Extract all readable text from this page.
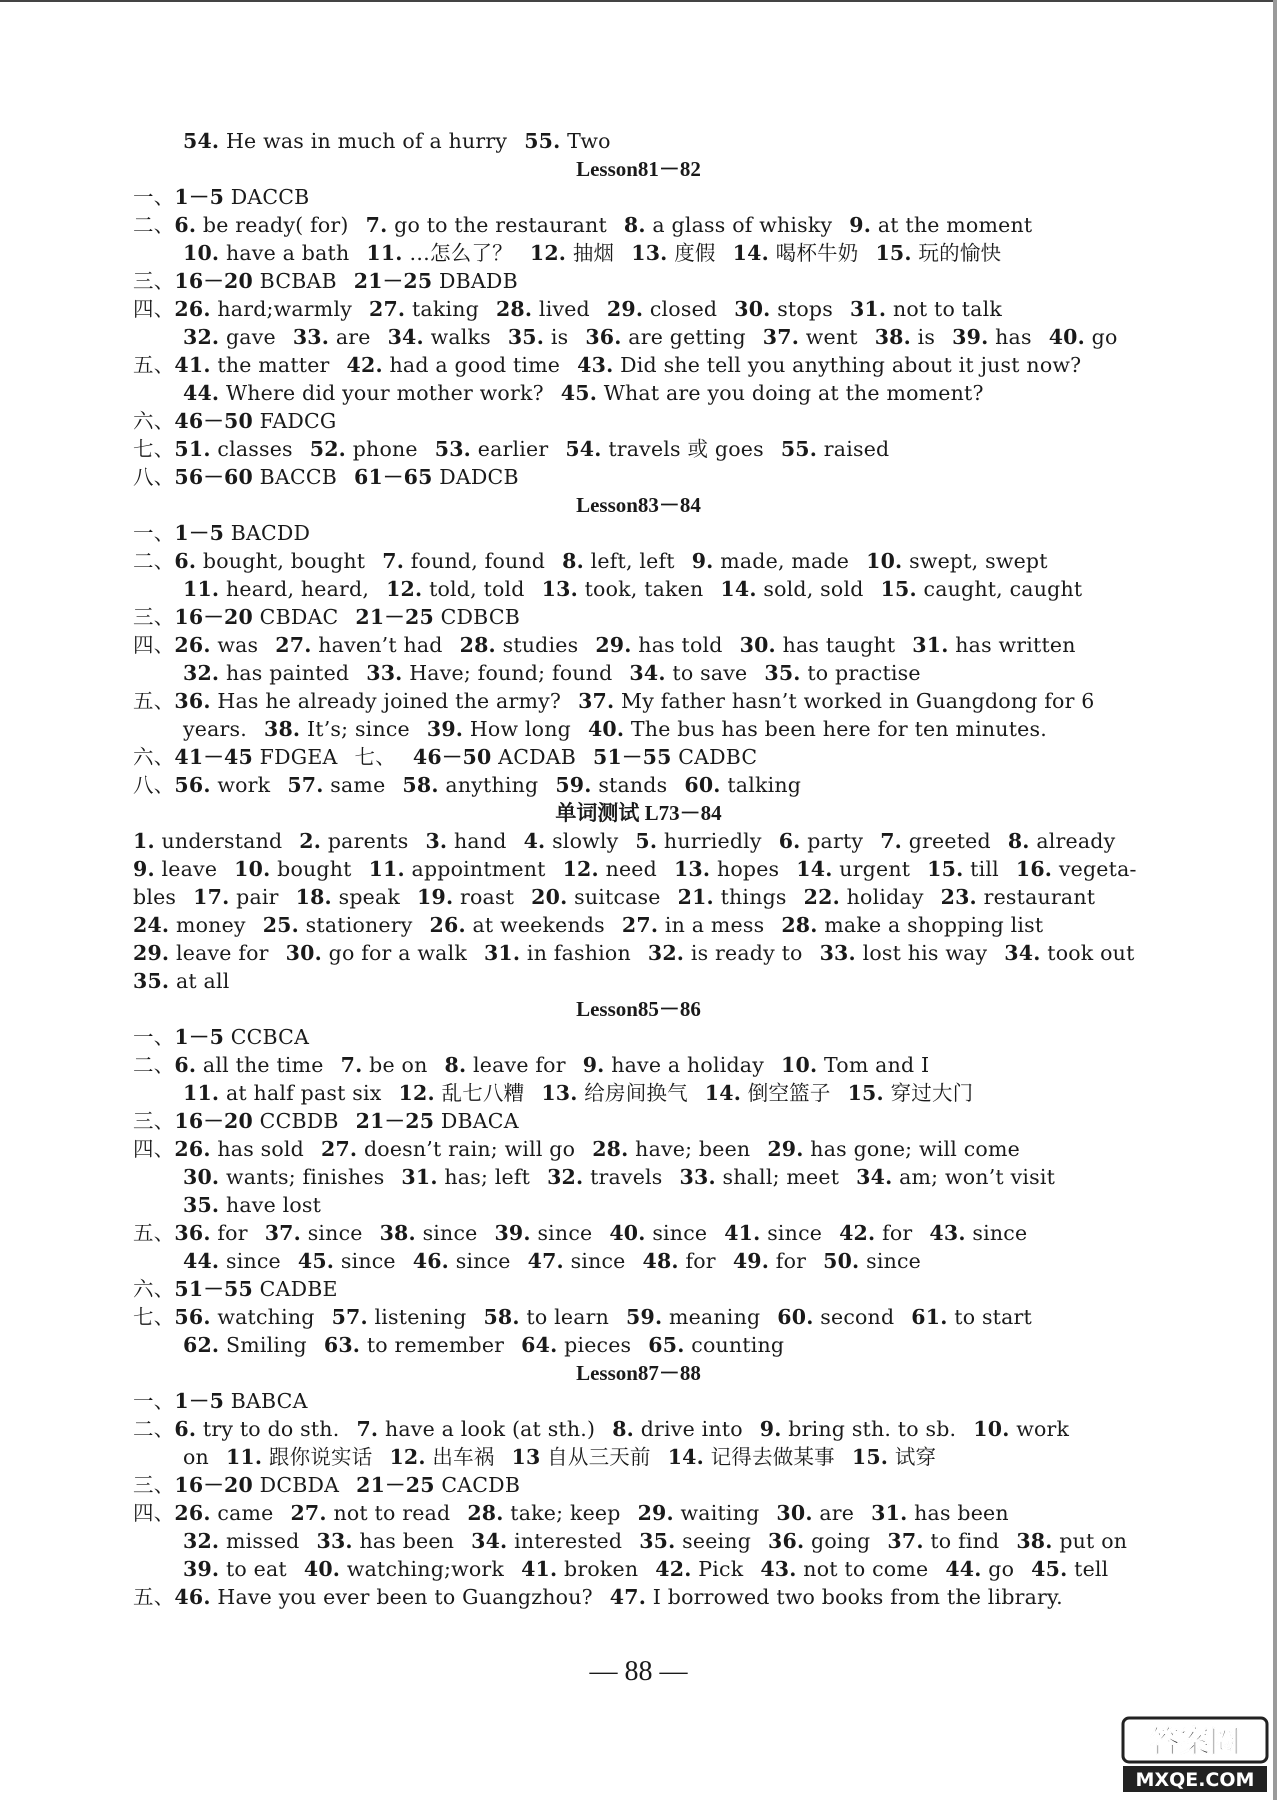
54. He was in much of a hurry 55. Two
Lesson81－82
一、1－5 DACCB
二、6. be ready( for) 7. go to the restaurant 8. a glass of whisky 9. at the moment
10. have a bath 11. …怎么了？ 12. 抽烟 13. 度假 14. 喝杯牛奶 15. 玩的愉快
三、16－20 BCBAB 21－25 DBADB
四、26. hard;warmly 27. taking 28. lived 29. closed 30. stops 31. not to talk
32. gave 33. are 34. walks 35. is 36. are getting 37. went 38. is 39. has 40. go
五、41. the matter 42. had a good time 43. Did she tell you anything about it just now?
44. Where did your mother work? 45. What are you doing at the moment?
六、46－50 FADCG
七、51. classes 52. phone 53. earlier 54. travels 或 goes 55. raised
八、56－60 BACCB 61－65 DADCB
Lesson83－84
一、1－5 BACDD
二、6. bought, bought 7. found, found 8. left, left 9. made, made 10. swept, swept
11. heard, heard, 12. told, told 13. took, taken 14. sold, sold 15. caught, caught
三、16－20 CBDAC 21－25 CDBCB
四、26. was 27. haven’t had 28. studies 29. has told 30. has taught 31. has written
32. has painted 33. Have; found; found 34. to save 35. to practise
五、36. Has he already joined the army? 37. My father hasn’t worked in Guangdong for 6
years. 38. It’s; since 39. How long 40. The bus has been here for ten minutes.
六、41－45 FDGEA 七、 46－50 ACDAB 51－55 CADBC
八、56. work 57. same 58. anything 59. stands 60. talking
单词测试 L73－84
1. understand 2. parents 3. hand 4. slowly 5. hurriedly 6. party 7. greeted 8. already
9. leave 10. bought 11. appointment 12. need 13. hopes 14. urgent 15. till 16. vegeta-
bles 17. pair 18. speak 19. roast 20. suitcase 21. things 22. holiday 23. restaurant
24. money 25. stationery 26. at weekends 27. in a mess 28. make a shopping list
29. leave for 30. go for a walk 31. in fashion 32. is ready to 33. lost his way 34. took out
35. at all
Lesson85－86
一、1－5 CCBCA
二、6. all the time 7. be on 8. leave for 9. have a holiday 10. Tom and I
11. at half past six 12. 乱七八糟 13. 给房间换气 14. 倒空篮子 15. 穿过大门
三、16－20 CCBDB 21－25 DBACA
四、26. has sold 27. doesn’t rain; will go 28. have; been 29. has gone; will come
30. wants; finishes 31. has; left 32. travels 33. shall; meet 34. am; won’t visit
35. have lost
五、36. for 37. since 38. since 39. since 40. since 41. since 42. for 43. since
44. since 45. since 46. since 47. since 48. for 49. for 50. since
六、51－55 CADBE
七、56. watching 57. listening 58. to learn 59. meaning 60. second 61. to start
62. Smiling 63. to remember 64. pieces 65. counting
Lesson87－88
一、1－5 BABCA
二、6. try to do sth. 7. have a look (at sth.) 8. drive into 9. bring sth. to sb. 10. work
on 11. 跟你说实话 12. 出车祸 13 自从三天前 14. 记得去做某事 15. 试穿
三、16－20 DCBDA 21－25 CACDB
四、26. came 27. not to read 28. take; keep 29. waiting 30. are 31. has been
32. missed 33. has been 34. interested 35. seeing 36. going 37. to find 38. put on
39. to eat 40. watching;work 41. broken 42. Pick 43. not to come 44. go 45. tell
五、46. Have you ever been to Guangzhou? 47. I borrowed two books from the library.
— 88 —
答案圈
MXQE.COM
